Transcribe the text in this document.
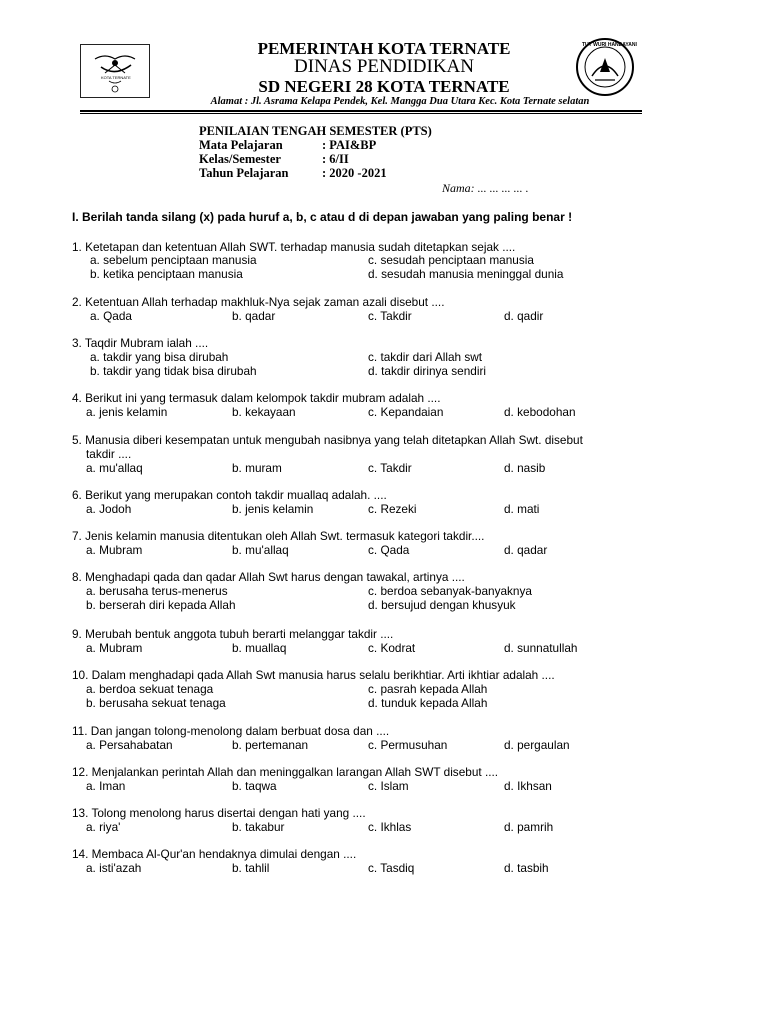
KOTA TERNATE
TUT WURI HANDAYANI
PEMERINTAH KOTA TERNATE
DINAS PENDIDIKAN
SD NEGERI 28 KOTA TERNATE
Alamat : Jl. Asrama Kelapa Pendek, Kel. Mangga Dua Utara Kec. Kota Ternate selatan
PENILAIAN TENGAH SEMESTER (PTS)
Mata Pelajaran	: PAI&BP
Kelas/Semester	: 6/II
Tahun Pelajaran	: 2020 -2021
Nama: ... ... ... ... .
I. Berilah tanda silang (x) pada huruf a, b, c atau d di depan jawaban yang paling benar !
1. Ketetapan dan ketentuan Allah SWT. terhadap manusia sudah ditetapkan sejak ....
a. sebelum penciptaan manusia
b. ketika penciptaan manusia
c. sesudah penciptaan manusia
d. sesudah manusia meninggal dunia
2. Ketentuan Allah terhadap makhluk-Nya sejak zaman azali disebut ....
a. Qada	b. qadar	c. Takdir	d. qadir
3. Taqdir Mubram ialah ....
a. takdir yang bisa dirubah
b. takdir yang tidak bisa dirubah
c. takdir dari Allah swt
d. takdir dirinya sendiri
4. Berikut ini yang termasuk dalam kelompok takdir mubram adalah ....
a. jenis kelamin	b. kekayaan	c. Kepandaian	d. kebodohan
5. Manusia diberi kesempatan untuk mengubah nasibnya yang telah ditetapkan Allah Swt. disebut
takdir ....
a. mu'allaq	b. muram	c. Takdir	d. nasib
6. Berikut yang merupakan contoh takdir muallaq adalah. ....
a. Jodoh	b. jenis kelamin	c. Rezeki	d. mati
7. Jenis kelamin manusia ditentukan oleh Allah Swt. termasuk kategori takdir....
a. Mubram	b. mu'allaq	c. Qada	d. qadar
8. Menghadapi qada dan qadar Allah Swt harus dengan tawakal, artinya ....
a. berusaha terus-menerus
b. berserah diri kepada Allah
c. berdoa sebanyak-banyaknya
d. bersujud dengan khusyuk
9. Merubah bentuk anggota tubuh berarti melanggar takdir ....
a. Mubram	b. muallaq	c. Kodrat	d. sunnatullah
10. Dalam menghadapi qada Allah Swt manusia harus selalu berikhtiar. Arti ikhtiar adalah ....
a. berdoa sekuat tenaga
b. berusaha sekuat tenaga
c. pasrah kepada Allah
d. tunduk kepada Allah
11. Dan jangan tolong-menolong dalam berbuat dosa dan ....
a. Persahabatan	b. pertemanan	c. Permusuhan	d. pergaulan
12. Menjalankan perintah Allah dan meninggalkan larangan Allah SWT disebut ....
a. Iman	b. taqwa	c. Islam	d. Ikhsan
13. Tolong menolong harus disertai dengan hati yang ....
a. riya'	b. takabur	c. Ikhlas	d. pamrih
14. Membaca Al-Qur'an hendaknya dimulai dengan ....
a. isti'azah	b. tahlil	c. Tasdiq	d. tasbih
